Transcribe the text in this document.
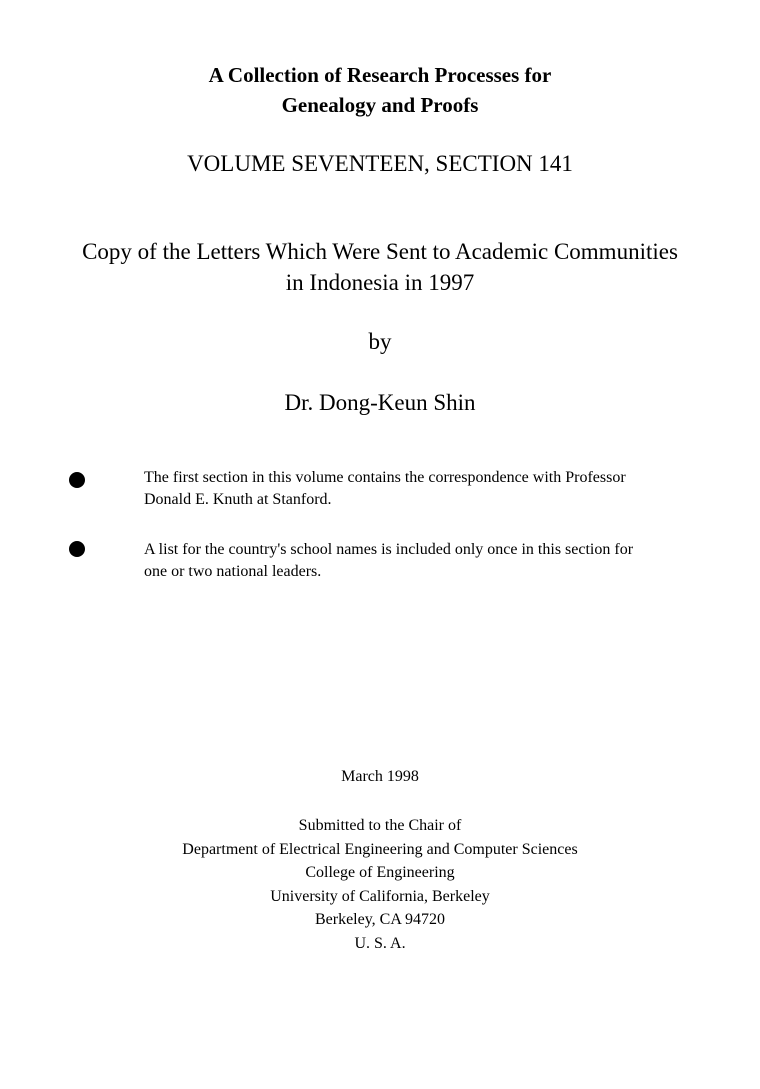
A Collection of Research Processes for
Genealogy and Proofs
VOLUME SEVENTEEN, SECTION 141
Copy of the Letters Which Were Sent to Academic Communities
in Indonesia in 1997
by
Dr. Dong-Keun Shin

The first section in this volume contains the correspondence with Professor
Donald E. Knuth at Stanford.

A list for the country's school names is included only once in this section for
one or two national leaders.

March 1998
Submitted to the Chair of
Department of Electrical Engineering and Computer Sciences
College of Engineering
University of California, Berkeley
Berkeley, CA 94720
U. S. A.
